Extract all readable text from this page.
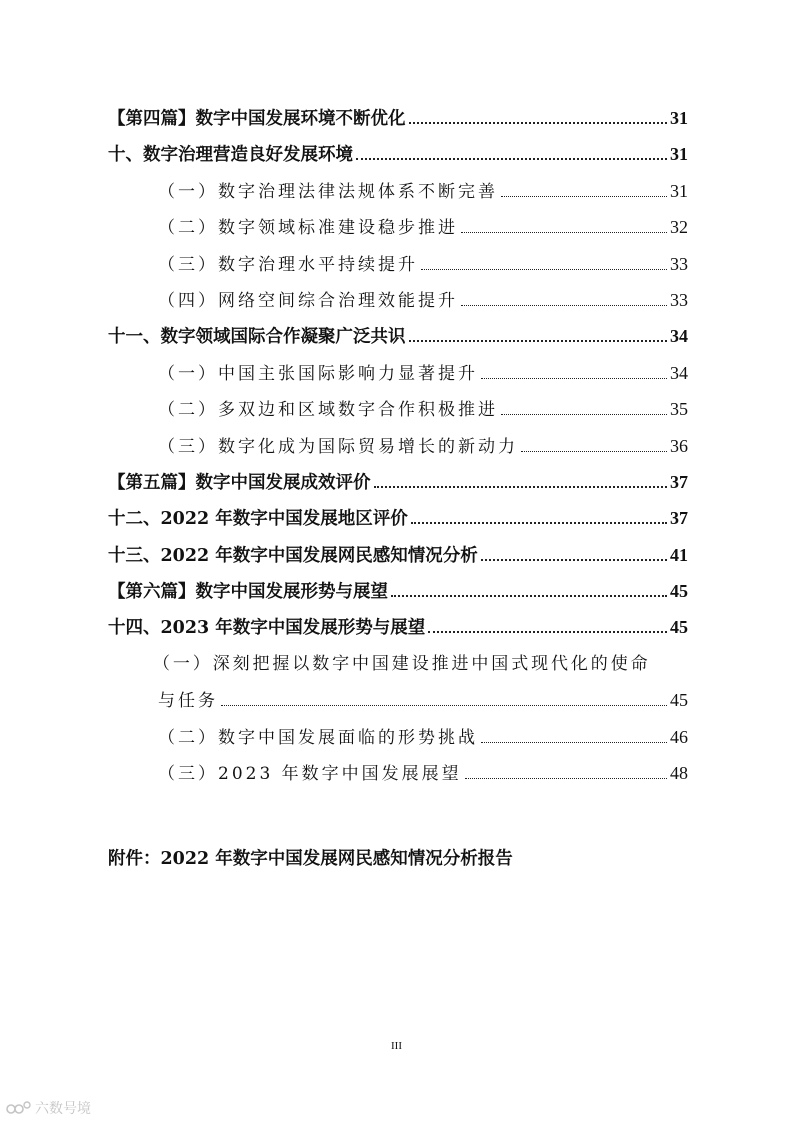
【第四篇】数字中国发展环境不断优化	31
十、数字治理营造良好发展环境	31
（一）数字治理法律法规体系不断完善	31
（二）数字领域标准建设稳步推进	32
（三）数字治理水平持续提升	33
（四）网络空间综合治理效能提升	33
十一、数字领域国际合作凝聚广泛共识	34
（一）中国主张国际影响力显著提升	34
（二）多双边和区域数字合作积极推进	35
（三）数字化成为国际贸易增长的新动力	36
【第五篇】数字中国发展成效评价	37
十二、2022 年数字中国发展地区评价	37
十三、2022 年数字中国发展网民感知情况分析	41
【第六篇】数字中国发展形势与展望	45
十四、2023 年数字中国发展形势与展望	45
（一）深刻把握以数字中国建设推进中国式现代化的使命
与任务	45
（二）数字中国发展面临的形势挑战	46
（三）2023 年数字中国发展展望	48
附件：2022 年数字中国发展网民感知情况分析报告
III
六数号境
